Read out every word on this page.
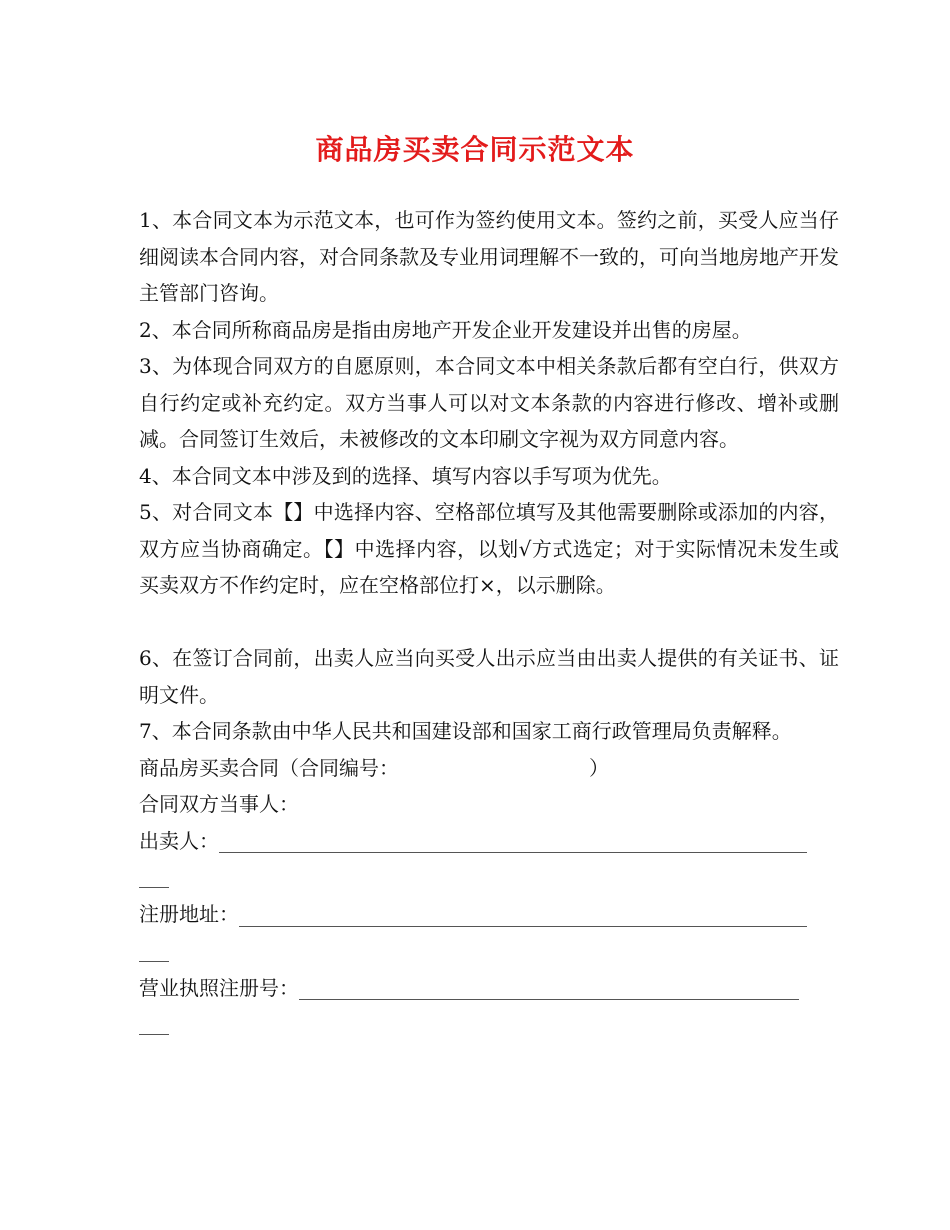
商品房买卖合同示范文本

1、本合同文本为示范文本，也可作为签约使用文本。签约之前，买受人应当仔细阅读本合同内容，对合同条款及专业用词理解不一致的，可向当地房地产开发主管部门咨询。

2、本合同所称商品房是指由房地产开发企业开发建设并出售的房屋。

3、为体现合同双方的自愿原则，本合同文本中相关条款后都有空白行，供双方自行约定或补充约定。双方当事人可以对文本条款的内容进行修改、增补或删减。合同签订生效后，未被修改的文本印刷文字视为双方同意内容。

4、本合同文本中涉及到的选择、填写内容以手写项为优先。

5、对合同文本【】中选择内容、空格部位填写及其他需要删除或添加的内容，双方应当协商确定。【】中选择内容，以划√方式选定；对于实际情况未发生或买卖双方不作约定时，应在空格部位打×，以示删除。

6、在签订合同前，出卖人应当向买受人出示应当由出卖人提供的有关证书、证明文件。

7、本合同条款由中华人民共和国建设部和国家工商行政管理局负责解释。

商品房买卖合同（合同编号：　　　　　　　　　　）

合同双方当事人：

出卖人：
注册地址：
营业执照注册号：
